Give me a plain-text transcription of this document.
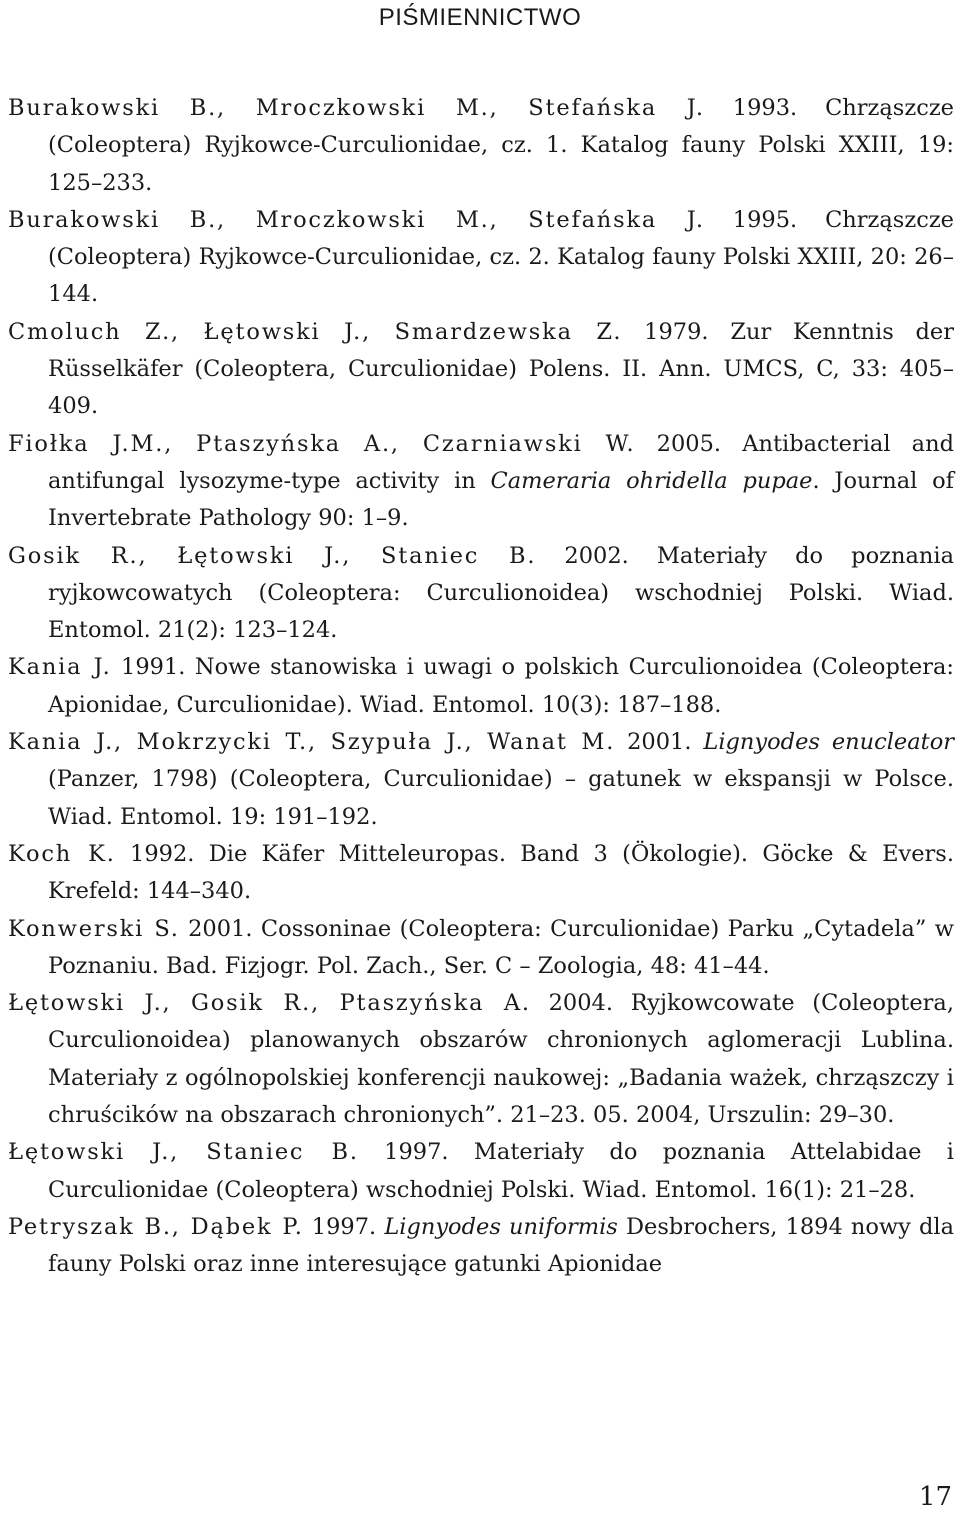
PIŚMIENNICTWO

Burakowski B., Mroczkowski M., Stefańska J. 1993. Chrząszcze (Coleoptera) Ryjkowce-Curculionidae, cz. 1. Katalog fauny Polski XXIII, 19: 125–233.

Burakowski B., Mroczkowski M., Stefańska J. 1995. Chrząszcze (Coleoptera) Ryjkowce-Curculionidae, cz. 2. Katalog fauny Polski XXIII, 20: 26–144.

Cmoluch Z., Łętowski J., Smardzewska Z. 1979. Zur Kenntnis der Rüsselkäfer (Coleoptera, Curculionidae) Polens. II. Ann. UMCS, C, 33: 405–409.

Fiołka J.M., Ptaszyńska A., Czarniawski W. 2005. Antibacterial and antifungal lysozyme-type activity in Cameraria ohridella pupae. Journal of Invertebrate Pathology 90: 1–9.

Gosik R., Łętowski J., Staniec B. 2002. Materiały do poznania ryjkowcowatych (Coleoptera: Curculionoidea) wschodniej Polski. Wiad. Entomol. 21(2): 123–124.

Kania J. 1991. Nowe stanowiska i uwagi o polskich Curculionoidea (Coleoptera: Apionidae, Curculionidae). Wiad. Entomol. 10(3): 187–188.

Kania J., Mokrzycki T., Szypuła J., Wanat M. 2001. Lignyodes enucleator (Panzer, 1798) (Coleoptera, Curculionidae) – gatunek w ekspansji w Polsce. Wiad. Entomol. 19: 191–192.

Koch K. 1992. Die Käfer Mitteleuropas. Band 3 (Ökologie). Göcke & Evers. Krefeld: 144–340.

Konwerski S. 2001. Cossoninae (Coleoptera: Curculionidae) Parku „Cytadela” w Poznaniu. Bad. Fizjogr. Pol. Zach., Ser. C – Zoologia, 48: 41–44.

Łętowski J., Gosik R., Ptaszyńska A. 2004. Ryjkowcowate (Coleoptera, Curculionoidea) planowanych obszarów chronionych aglomeracji Lublina. Materiały z ogólnopolskiej konferencji naukowej: „Badania ważek, chrząszczy i chruścików na obszarach chronionych”. 21–23. 05. 2004, Urszulin: 29–30.

Łętowski J., Staniec B. 1997. Materiały do poznania Attelabidae i Curculionidae (Coleoptera) wschodniej Polski. Wiad. Entomol. 16(1): 21–28.

Petryszak B., Dąbek P. 1997. Lignyodes uniformis Desbrochers, 1894 nowy dla fauny Polski oraz inne interesujące gatunki Apionidae

17
